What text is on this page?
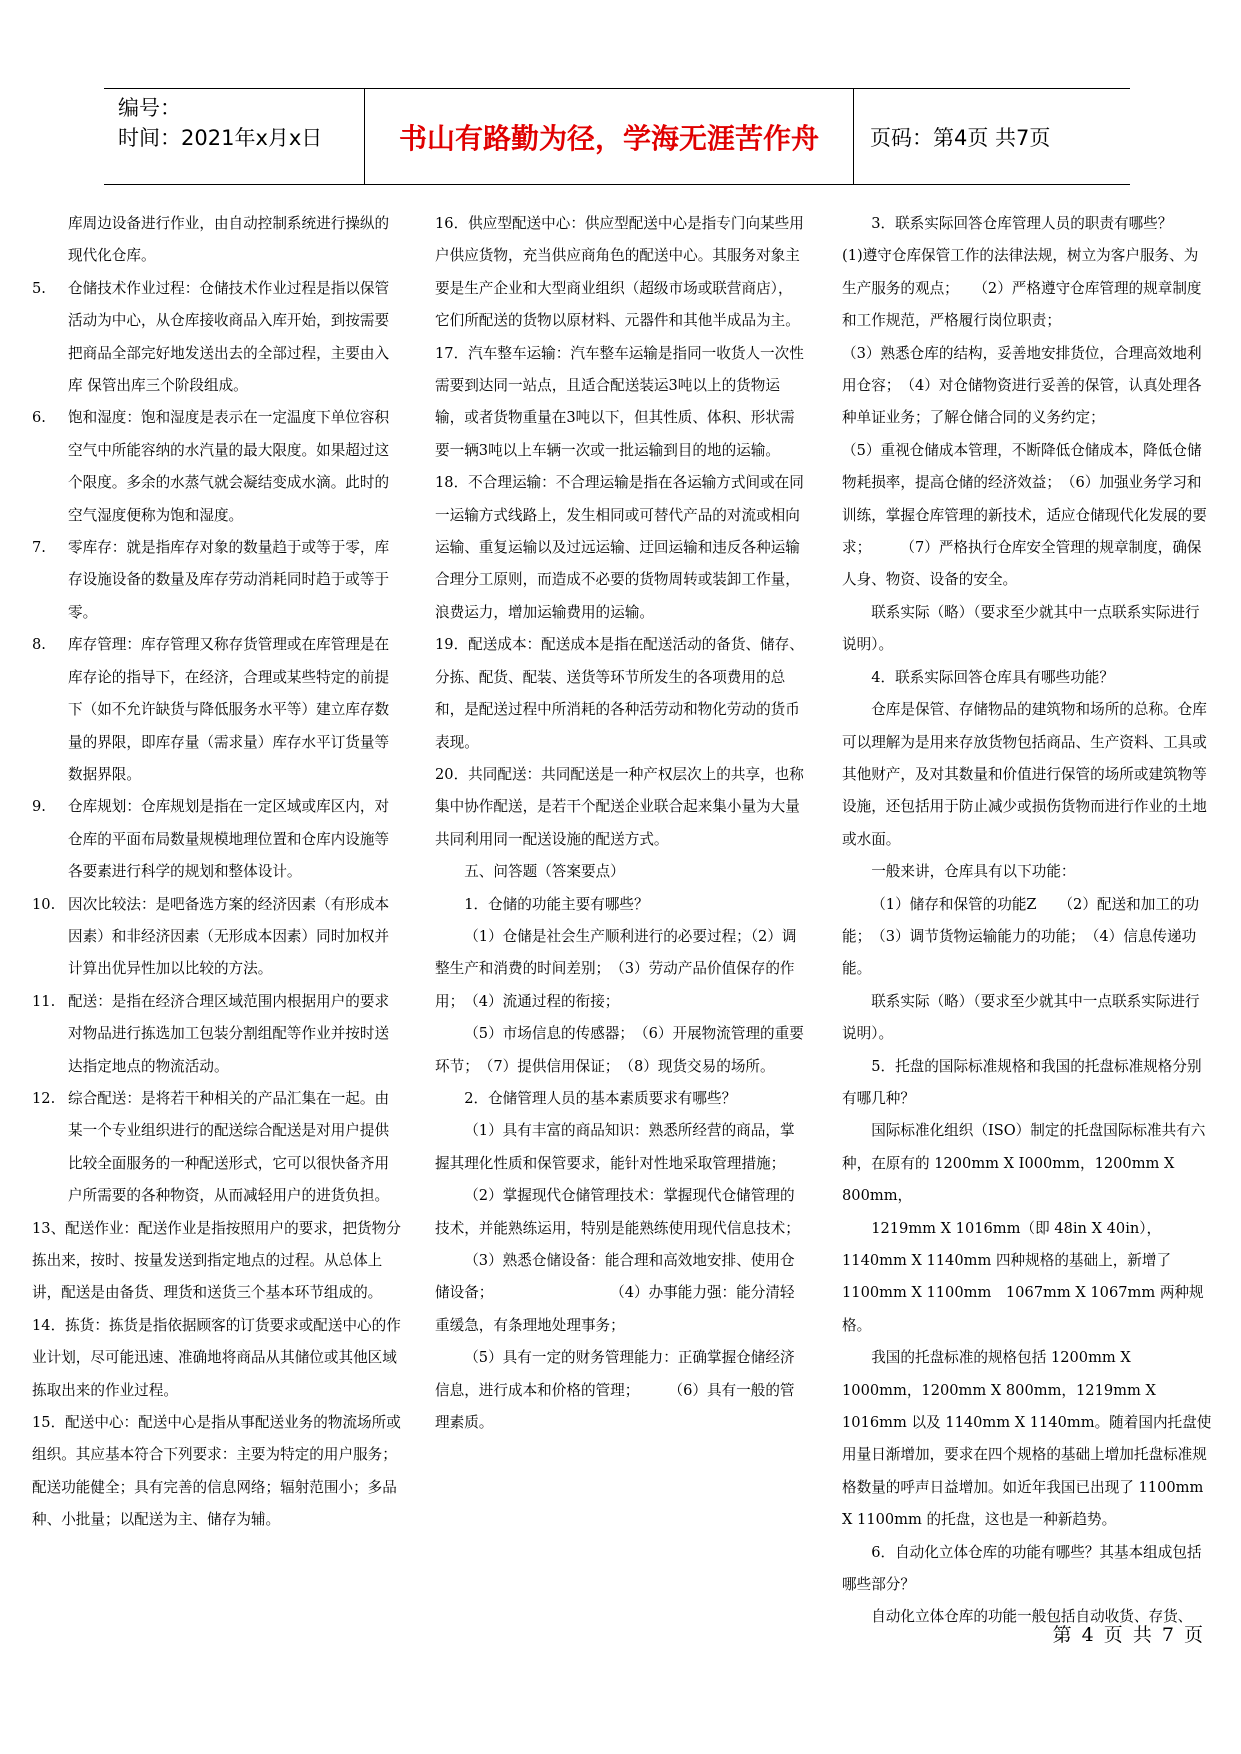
编号：
时间：2021年x月x日	书山有路勤为径，学海无涯苦作舟	页码：第4页 共7页

库周边设备进行作业，由自动控制系统进行操纵的现代化仓库。

5.	仓储技术作业过程：仓储技术作业过程是指以保管活动为中心，从仓库接收商品入库开始，到按需要把商品全部完好地发送出去的全部过程，主要由入库 保管出库三个阶段组成。
6.	饱和湿度：饱和湿度是表示在一定温度下单位容积空气中所能容纳的水汽量的最大限度。如果超过这个限度。多余的水蒸气就会凝结变成水滴。此时的空气湿度便称为饱和湿度。
7.	零库存：就是指库存对象的数量趋于或等于零，库存设施设备的数量及库存劳动消耗同时趋于或等于零。
8.	库存管理：库存管理又称存货管理或在库管理是在库存论的指导下，在经济，合理或某些特定的前提下（如不允许缺货与降低服务水平等）建立库存数量的界限，即库存量（需求量）库存水平订货量等数据界限。
9.	仓库规划：仓库规划是指在一定区域或库区内，对仓库的平面布局数量规模地理位置和仓库内设施等各要素进行科学的规划和整体设计。
10. 因次比较法：是吧备选方案的经济因素（有形成本因素）和非经济因素（无形成本因素）同时加权并计算出优异性加以比较的方法。
11. 配送：是指在经济合理区域范围内根据用户的要求对物品进行拣选加工包装分割组配等作业并按时送达指定地点的物流活动。
12. 综合配送：是将若干种相关的产品汇集在一起。由某一个专业组织进行的配送综合配送是对用户提供比较全面服务的一种配送形式，它可以很快备齐用户所需要的各种物资，从而减轻用户的进货负担。

13、配送作业：配送作业是指按照用户的要求，把货物分拣出来，按时、按量发送到指定地点的过程。从总体上讲，配送是由备货、理货和送货三个基本环节组成的。

14．拣货：拣货是指依据顾客的订货要求或配送中心的作业计划，尽可能迅速、准确地将商品从其储位或其他区域拣取出来的作业过程。

15．配送中心：配送中心是指从事配送业务的物流场所或组织。其应基本符合下列要求：主要为特定的用户服务；配送功能健全；具有完善的信息网络；辐射范围小；多品种、小批量；以配送为主、储存为辅。

16．供应型配送中心：供应型配送中心是指专门向某些用户供应货物，充当供应商角色的配送中心。其服务对象主要是生产企业和大型商业组织（超级市场或联营商店），它们所配送的货物以原材料、元器件和其他半成品为主。

17．汽车整车运输：汽车整车运输是指同一收货人一次性需要到达同一站点，且适合配送装运3吨以上的货物运输，或者货物重量在3吨以下，但其性质、体积、形状需要一辆3吨以上车辆一次或一批运输到目的地的运输。

18．不合理运输：不合理运输是指在各运输方式间或在同一运输方式线路上，发生相同或可替代产品的对流或相向运输、重复运输以及过远运输、迂回运输和违反各种运输合理分工原则，而造成不必要的货物周转或装卸工作量，浪费运力，增加运输费用的运输。

19．配送成本：配送成本是指在配送活动的备货、储存、分拣、配货、配装、送货等环节所发生的各项费用的总和，是配送过程中所消耗的各种活劳动和物化劳动的货币表现。

20．共同配送：共同配送是一种产权层次上的共享，也称集中协作配送，是若干个配送企业联合起来集小量为大量共同利用同一配送设施的配送方式。

五、问答题（答案要点）

1．仓储的功能主要有哪些？

（1）仓储是社会生产顺利进行的必要过程；（2）调整生产和消费的时间差别；　（3）劳动产品价值保存的作用；　（4）流通过程的衔接；

（5）市场信息的传感器；　（6）开展物流管理的重要环节；　（7）提供信用保证；　（8）现货交易的场所。

2．仓储管理人员的基本素质要求有哪些？

（1）具有丰富的商品知识：熟悉所经营的商品，掌握其理化性质和保管要求，能针对性地采取管理措施；

（2）掌握现代仓储管理技术：掌握现代仓储管理的技术，并能熟练运用，特别是能熟练使用现代信息技术；

（3）熟悉仓储设备：能合理和高效地安排、使用仓储设备；　　　　　　　　　（4）办事能力强：能分清轻重缓急，有条理地处理事务；

（5）具有一定的财务管理能力：正确掌握仓储经济信息，进行成本和价格的管理；　　　（6）具有一般的管理素质。

3．联系实际回答仓库管理人员的职责有哪些？

(1)遵守仓库保管工作的法律法规，树立为客户服务、为生产服务的观点；　　（2）严格遵守仓库管理的规章制度和工作规范，严格履行岗位职责；

（3）熟悉仓库的结构，妥善地安排货位，合理高效地利用仓容；　（4）对仓储物资进行妥善的保管，认真处理各种单证业务；了解仓储合同的义务约定；

（5）重视仓储成本管理，不断降低仓储成本，降低仓储物耗损率，提高仓储的经济效益；　（6）加强业务学习和训练，掌握仓库管理的新技术，适应仓储现代化发展的要求；　　　（7）严格执行仓库安全管理的规章制度，确保人身、物资、设备的安全。

联系实际（略）（要求至少就其中一点联系实际进行说明）。

4．联系实际回答仓库具有哪些功能？

仓库是保管、存储物品的建筑物和场所的总称。仓库可以理解为是用来存放货物包括商品、生产资料、工具或其他财产，及对其数量和价值进行保管的场所或建筑物等设施，还包括用于防止减少或损伤货物而进行作业的土地或水面。

一般来讲，仓库具有以下功能：

（1）储存和保管的功能Z　　（2）配送和加工的功能；　（3）调节货物运输能力的功能；　（4）信息传递功能。

联系实际（略）（要求至少就其中一点联系实际进行说明）。

5．托盘的国际标准规格和我国的托盘标准规格分别有哪几种？

国际标准化组织（ISO）制定的托盘国际标准共有六种，在原有的 1200mm X I000mm，1200mm X 800mm，

1219mm X 1016mm（即 48in X 40in），1140mm X 1140mm 四种规格的基础上，新增了 1100mm X 1100mm　1067mm X 1067mm 两种规格。

我国的托盘标准的规格包括 1200mm X 1000mm，1200mm X 800mm，1219mm X　1016mm 以及 1140mm X 1140mm。随着国内托盘使用量日渐增加，要求在四个规格的基础上增加托盘标准规格数量的呼声日益增加。如近年我国已出现了 1100mm X 1100mm 的托盘，这也是一种新趋势。

6．自动化立体仓库的功能有哪些？其基本组成包括哪些部分？

自动化立体仓库的功能一般包括自动收货、存货、

第 4 页 共 7 页
